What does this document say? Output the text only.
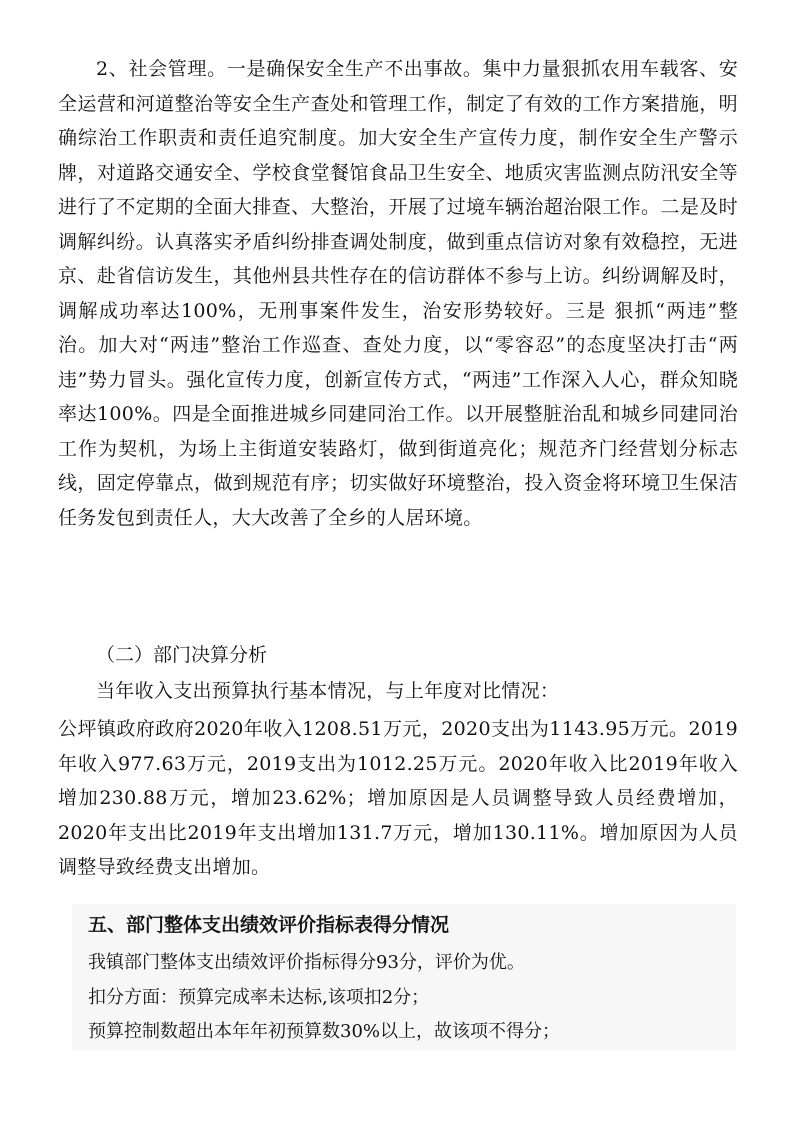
2、社会管理。一是确保安全生产不出事故。集中力量狠抓农用车载客、安全运营和河道整治等安全生产查处和管理工作，制定了有效的工作方案措施，明确综治工作职责和责任追究制度。加大安全生产宣传力度，制作安全生产警示牌，对道路交通安全、学校食堂餐馆食品卫生安全、地质灾害监测点防汛安全等进行了不定期的全面大排查、大整治，开展了过境车辆治超治限工作。二是及时调解纠纷。认真落实矛盾纠纷排查调处制度，做到重点信访对象有效稳控，无进京、赴省信访发生，其他州县共性存在的信访群体不参与上访。纠纷调解及时，调解成功率达100%，无刑事案件发生，治安形势较好。三是 狠抓“两违”整治。加大对“两违”整治工作巡查、查处力度，以“零容忍”的态度坚决打击“两违”势力冒头。强化宣传力度，创新宣传方式，“两违”工作深入人心，群众知晓率达100%。四是全面推进城乡同建同治工作。以开展整脏治乱和城乡同建同治工作为契机，为场上主街道安装路灯，做到街道亮化；规范齐门经营划分标志线，固定停靠点，做到规范有序；切实做好环境整治，投入资金将环境卫生保洁任务发包到责任人，大大改善了全乡的人居环境。

（二）部门决算分析

当年收入支出预算执行基本情况，与上年度对比情况：

公坪镇政府政府2020年收入1208.51万元，2020支出为1143.95万元。2019年收入977.63万元，2019支出为1012.25万元。2020年收入比2019年收入增加230.88万元，增加23.62%；增加原因是人员调整导致人员经费增加，2020年支出比2019年支出增加131.7万元，增加130.11%。增加原因为人员调整导致经费支出增加。

五、部门整体支出绩效评价指标表得分情况

我镇部门整体支出绩效评价指标得分93分，评价为优。

扣分方面：预算完成率未达标,该项扣2分；

预算控制数超出本年年初预算数30%以上，故该项不得分；
